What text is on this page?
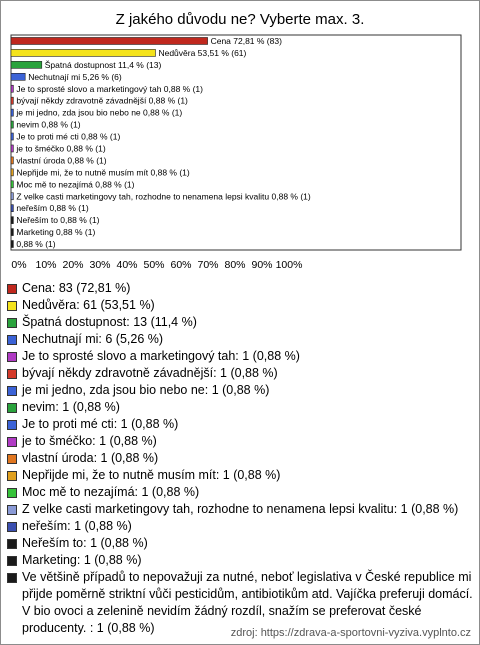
Z jakého důvodu ne? Vyberte max. 3.
Cena 72,81 % (83)
Nedůvěra 53,51 % (61)
Špatná dostupnost 11,4 % (13)
Nechutnají mi 5,26 % (6)
Je to sprosté slovo a marketingový tah 0,88 % (1)
bývají někdy zdravotně závadnější 0,88 % (1)
je mi jedno, zda jsou bio nebo ne 0,88 % (1)
nevim 0,88 % (1)
Je to proti mé cti 0,88 % (1)
je to šméčko 0,88 % (1)
vlastní úroda 0,88 % (1)
Nepřijde mi, že to nutně musím mít 0,88 % (1)
Moc mě to nezajímá 0,88 % (1)
Z velke casti marketingovy tah, rozhodne to nenamena lepsi kvalitu 0,88 % (1)
neřeším 0,88 % (1)
Neřeším to 0,88 % (1)
Marketing 0,88 % (1)
0,88 % (1)
0% 10% 20% 30% 40% 50% 60% 70% 80% 90% 100%
Cena: 83 (72,81 %)
Nedůvěra: 61 (53,51 %)
Špatná dostupnost: 13 (11,4 %)
Nechutnají mi: 6 (5,26 %)
Je to sprosté slovo a marketingový tah: 1 (0,88 %)
bývají někdy zdravotně závadnější: 1 (0,88 %)
je mi jedno, zda jsou bio nebo ne: 1 (0,88 %)
nevim: 1 (0,88 %)
Je to proti mé cti: 1 (0,88 %)
je to šméčko: 1 (0,88 %)
vlastní úroda: 1 (0,88 %)
Nepřijde mi, že to nutně musím mít: 1 (0,88 %)
Moc mě to nezajímá: 1 (0,88 %)
Z velke casti marketingovy tah, rozhodne to nenamena lepsi kvalitu: 1 (0,88 %)
neřeším: 1 (0,88 %)
Neřeším to: 1 (0,88 %)
Marketing: 1 (0,88 %)
Ve většině případů to nepovažuji za nutné, neboť legislativa v České republice mi přijde poměrně striktní vůči pesticidům, antibiotikům atd. Vajíčka preferuji domácí. V bio ovoci a zelenině nevidím žádný rozdíl, snažím se preferovat české producenty. : 1 (0,88 %)	zdroj: https://zdrava-a-sportovni-vyziva.vyplnto.cz
